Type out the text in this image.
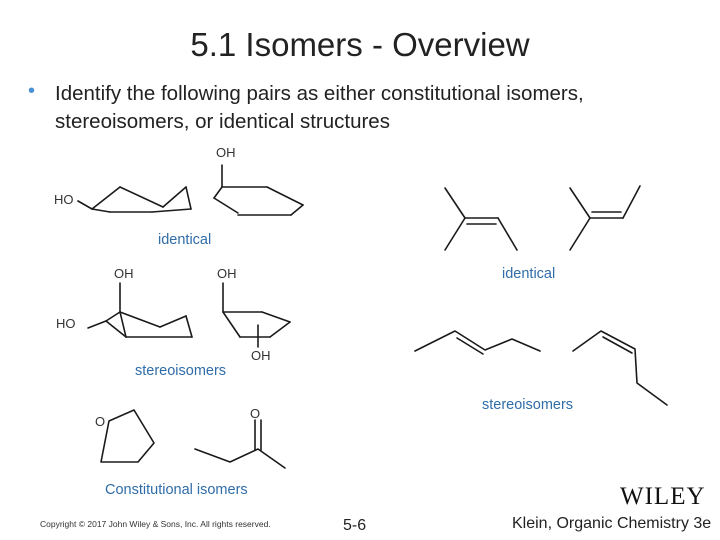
5.1 Isomers - Overview
• Identify the following pairs as either constitutional isomers, stereoisomers, or identical structures
HO
OH
OH
HO
OH
OH
O
O
identical
identical
stereoisomers
stereoisomers
Constitutional isomers
Copyright © 2017 John Wiley & Sons, Inc. All rights reserved.	5-6
WILEY
Klein, Organic Chemistry 3e
